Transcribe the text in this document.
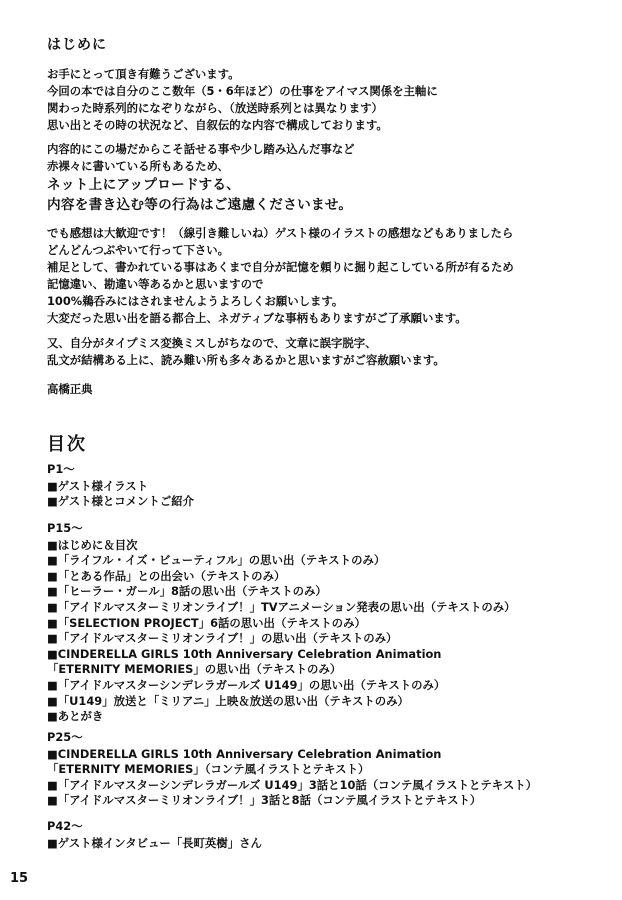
はじめに
お手にとって頂き有難うございます。
今回の本では自分のここ数年（5・6年ほど）の仕事をアイマス関係を主軸に
関わった時系列的になぞりながら、（放送時系列とは異なります）
思い出とその時の状況など、自叙伝的な内容で構成しております。
内容的にこの場だからこそ話せる事や少し踏み込んだ事など
赤裸々に書いている所もあるため、
ネット上にアップロードする、
内容を書き込む等の行為はご遠慮くださいませ。
でも感想は大歓迎です！（線引き難しいね）ゲスト様のイラストの感想などもありましたら
どんどんつぶやいて行って下さい。
補足として、書かれている事はあくまで自分が記憶を頼りに掘り起こしている所が有るため
記憶違い、勘違い等あるかと思いますので
100%鵜呑みにはされませんようよろしくお願いします。
大変だった思い出を語る都合上、ネガティブな事柄もありますがご了承願います。
又、自分がタイプミス変換ミスしがちなので、文章に誤字脱字、
乱文が結構ある上に、読み難い所も多々あるかと思いますがご容赦願います。
高橋正典
目次
P1～
■ゲスト様イラスト
■ゲスト様とコメントご紹介
P15～
■はじめに＆目次
■「ライフル・イズ・ビューティフル」の思い出（テキストのみ）
■「とある作品」との出会い（テキストのみ）
■「ヒーラー・ガール」8話の思い出（テキストのみ）
■「アイドルマスターミリオンライブ！」TVアニメーション発表の思い出（テキストのみ）
■「SELECTION PROJECT」6話の思い出（テキストのみ）
■「アイドルマスターミリオンライブ！」の思い出（テキストのみ）
■CINDERELLA GIRLS 10th Anniversary Celebration Animation
「ETERNITY MEMORIES」の思い出（テキストのみ）
■「アイドルマスターシンデレラガールズ U149」の思い出（テキストのみ）
■「U149」放送と「ミリアニ」上映＆放送の思い出（テキストのみ）
■あとがき
P25～
■CINDERELLA GIRLS 10th Anniversary Celebration Animation
「ETERNITY MEMORIES」（コンテ風イラストとテキスト）
■「アイドルマスターシンデレラガールズ U149」3話と10話（コンテ風イラストとテキスト）
■「アイドルマスターミリオンライブ！」3話と8話（コンテ風イラストとテキスト）
P42～
■ゲスト様インタビュー「長町英樹」さん
15
